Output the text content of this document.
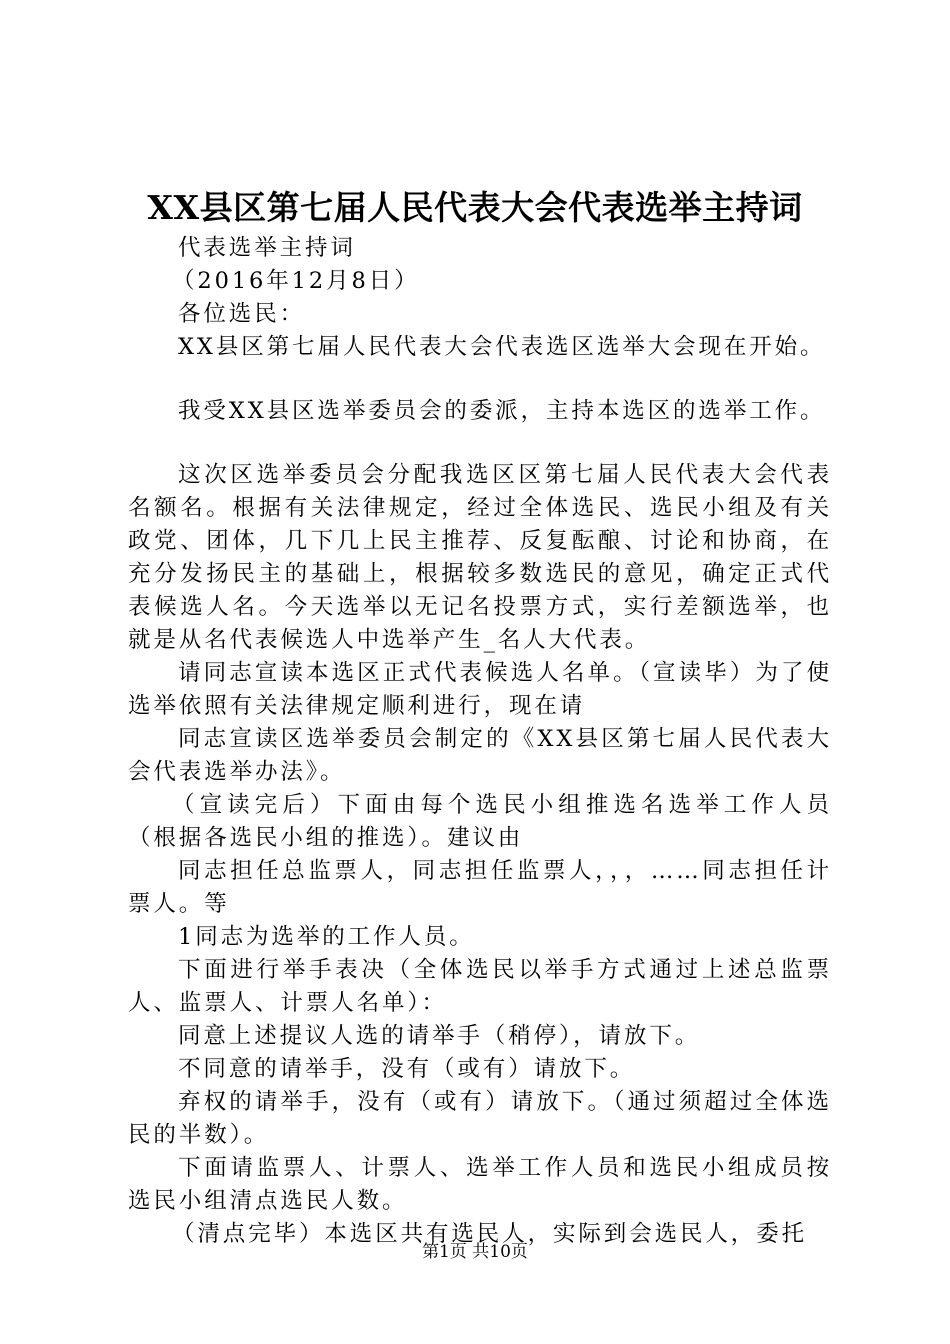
XX县区第七届人民代表大会代表选举主持词

代表选举主持词

（2016年12月8日）

各位选民：

XX县区第七届人民代表大会代表选区选举大会现在开始。

我受XX县区选举委员会的委派，主持本选区的选举工作。

这次区选举委员会分配我选区区第七届人民代表大会代表名额名。根据有关法律规定，经过全体选民、选民小组及有关政党、团体，几下几上民主推荐、反复酝酿、讨论和协商，在充分发扬民主的基础上，根据较多数选民的意见，确定正式代表候选人名。今天选举以无记名投票方式，实行差额选举，也就是从名代表候选人中选举产生_名人大代表。

请同志宣读本选区正式代表候选人名单。（宣读毕）为了使选举依照有关法律规定顺利进行，现在请

同志宣读区选举委员会制定的《XX县区第七届人民代表大会代表选举办法》。

（宣读完后）下面由每个选民小组推选名选举工作人员（根据各选民小组的推选）。建议由

同志担任总监票人，同志担任监票人，，，……同志担任计票人。等

1同志为选举的工作人员。

下面进行举手表决（全体选民以举手方式通过上述总监票人、监票人、计票人名单）：

同意上述提议人选的请举手（稍停），请放下。

不同意的请举手，没有（或有）请放下。

弃权的请举手，没有（或有）请放下。（通过须超过全体选民的半数）。

下面请监票人、计票人、选举工作人员和选民小组成员按选民小组清点选民人数。

（清点完毕）本选区共有选民人，实际到会选民人，委托

第1页 共10页
